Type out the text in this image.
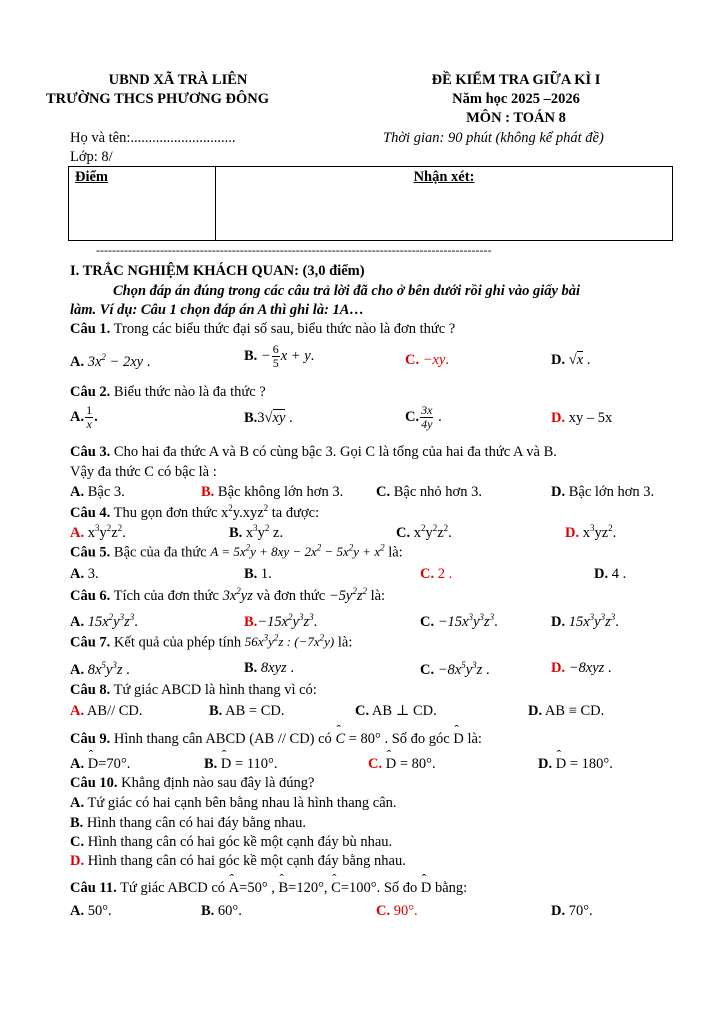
UBND XÃ TRÀ LIÊN
TRƯỜNG THCS PHƯƠNG ĐÔNG
ĐỀ KIỂM TRA GIỮA KÌ I
Năm học 2025 –2026
MÔN : TOÁN 8
Họ và tên:.............................	Thời gian: 90 phút (không kể phát đề)
Lớp: 8/
Điểm	Nhận xét:
---------------------------------------------------------------------------------------------------
I. TRẮC NGHIỆM KHÁCH QUAN: (3,0 điểm)
Chọn đáp án đúng trong các câu trả lời đã cho ở bên dưới rồi ghi vào giấy bài
làm. Ví dụ: Câu 1 chọn đáp án A thì ghi là: 1A…
Câu 1. Trong các biểu thức đại số sau, biểu thức nào là đơn thức ?
A. $3x^2 - 2xy$ .	B. − $\frac{6}{5}$ x + y.	C. −xy.	D. √x .
Câu 2. Biểu thức nào là đa thức ?
A. $\frac{1}{x}$ .	B.3√xy .	C. $\frac{3x}{4y}$ .	D. xy – 5x
Câu 3. Cho hai đa thức A và B có cùng bậc 3. Gọi C là tổng của hai đa thức A và B.
Vậy đa thức C có bậc là :
A. Bậc 3.	B. Bậc không lớn hơn 3. C. Bậc nhỏ hơn 3.	D. Bậc lớn hơn 3.
Câu 4. Thu gọn đơn thức $x^2y.xyz^2$ ta được:
A. $x^3y^2z^2$.	B. $x^3y^2$ z.	C. $x^2y^2z^2$.	D. $x^3yz^2$.
Câu 5. Bậc của đa thức $A = 5x^2y + 8xy - 2x^2 - 5x^2y + x^2$ là:
A. 3.	B. 1.	C. 2 .	D. 4 .
Câu 6. Tích của đơn thức $3x^2yz$ và đơn thức $-5y^2z^2$ là:
A. $15x^2y^3z^3$.	$B.-15x^2y^3z^3$.	C. $-15x^3y^3z^3$.	D. $15x^3y^3z^3$.
Câu 7. Kết quả của phép tính $56x^3y^2z$ : $(-7x^2y)$ là:
A. $8x^5y^3z$ .	B. 8xyz .	C. $-8x^5y^3z$ .	D. −8xyz .
Câu 8. Tứ giác ABCD là hình thang vì có:
A. AB// CD.	B. AB = CD.	C. AB ⊥ CD.	D. AB ≡ CD.
Câu 9. Hình thang cân ABCD (AB // CD) có ˆ C = 80° . Số đo góc ˆ D là:
A. ˆ D=70°.	B. ˆ D = 110°.	C. ˆ D = 80°.	D. ˆ D = 180°.
Câu 10. Khẳng định nào sau đây là đúng?
A. Tứ giác có hai cạnh bên bằng nhau là hình thang cân.
B. Hình thang cân có hai đáy bằng nhau.
C. Hình thang cân có hai góc kề một cạnh đáy bù nhau.
D. Hình thang cân có hai góc kề một cạnh đáy bằng nhau.
Câu 11. Tứ giác ABCD có ˆ A=50° , ˆ B=120°, ˆ C=100°. Số đo ˆ D bằng:
A. 50°.	B. 60°.	C. 90°.	D. 70°.
